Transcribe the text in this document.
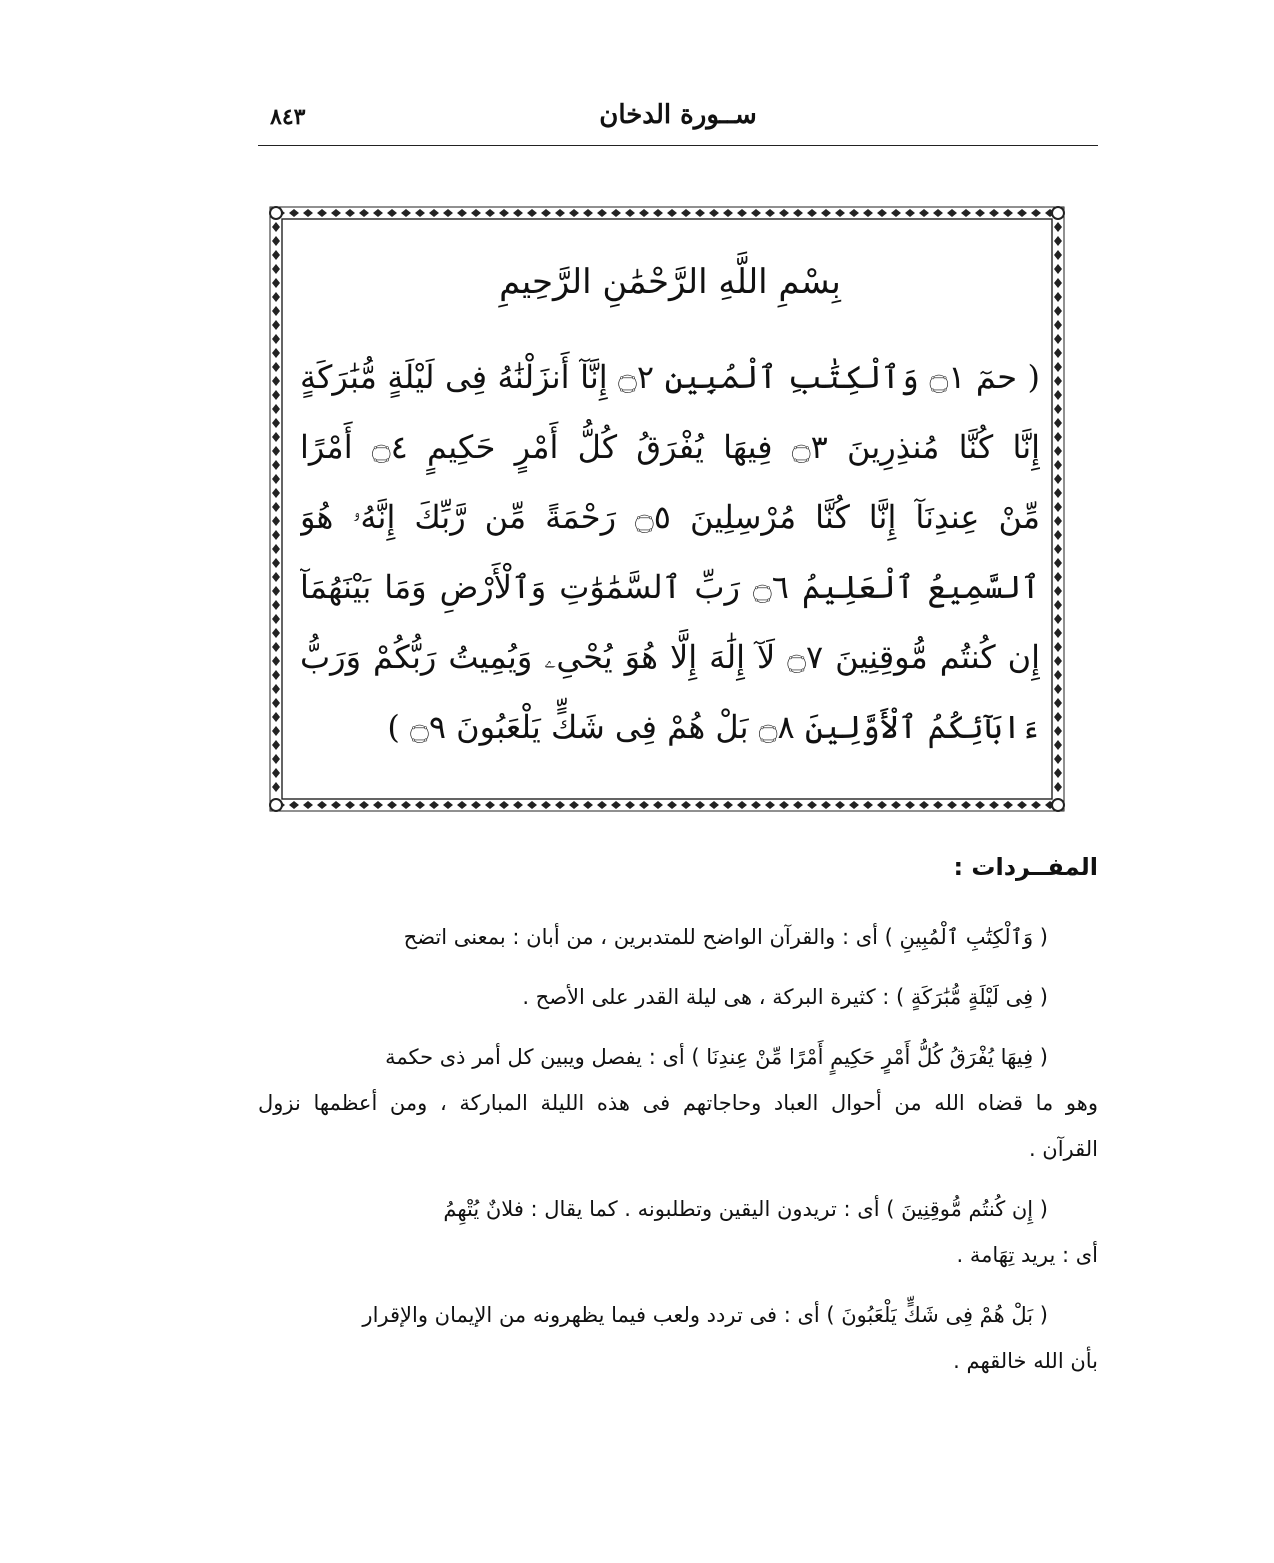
٨٤٣	ســورة الدخان
بِسْمِ اللَّهِ الرَّحْمَٰنِ الرَّحِيمِ
( حمٓ ۝١ وَٱلْكِتَٰبِ ٱلْمُبِينِ ۝٢ إِنَّآ أَنزَلْنَٰهُ فِى لَيْلَةٍ مُّبَٰرَكَةٍ
إِنَّا كُنَّا مُنذِرِينَ ۝٣ فِيهَا يُفْرَقُ كُلُّ أَمْرٍ حَكِيمٍ ۝٤ أَمْرًا
مِّنْ عِندِنَآ إِنَّا كُنَّا مُرْسِلِينَ ۝٥ رَحْمَةً مِّن رَّبِّكَ إِنَّهُۥ هُوَ
ٱلسَّمِيعُ ٱلْعَلِيمُ ۝٦ رَبِّ ٱلسَّمَٰوَٰتِ وَٱلْأَرْضِ وَمَا بَيْنَهُمَآ
إِن كُنتُم مُّوقِنِينَ ۝٧ لَآ إِلَٰهَ إِلَّا هُوَ يُحْىِۦ وَيُمِيتُ رَبُّكُمْ وَرَبُّ
ءَابَآئِكُمُ ٱلْأَوَّلِينَ ۝٨ بَلْ هُمْ فِى شَكٍّ يَلْعَبُونَ ۝٩ )
المفــردات :

( وَٱلْكِتَٰبِ ٱلْمُبِينِ ) أى : والقرآن الواضح للمتدبرين ، من أبان : بمعنى اتضح

( فِى لَيْلَةٍ مُّبَٰرَكَةٍ ) : كثيرة البركة ، هى ليلة القدر على الأصح .

( فِيهَا يُفْرَقُ كُلُّ أَمْرٍ حَكِيمٍ أَمْرًا مِّنْ عِندِنَا ) أى : يفصل ويبين كل أمر ذى حكمة

وهو ما قضاه الله من أحوال العباد وحاجاتهم فى هذه الليلة المباركة ، ومن أعظمها نزول

القرآن .

( إِن كُنتُم مُّوقِنِينَ ) أى : تريدون اليقين وتطلبونه . كما يقال : فلانٌ يُتْهِمُ

أى : يريد تِهَامة .

( بَلْ هُمْ فِى شَكٍّ يَلْعَبُونَ ) أى : فى تردد ولعب فيما يظهرونه من الإيمان والإقرار

بأن الله خالقهم .
